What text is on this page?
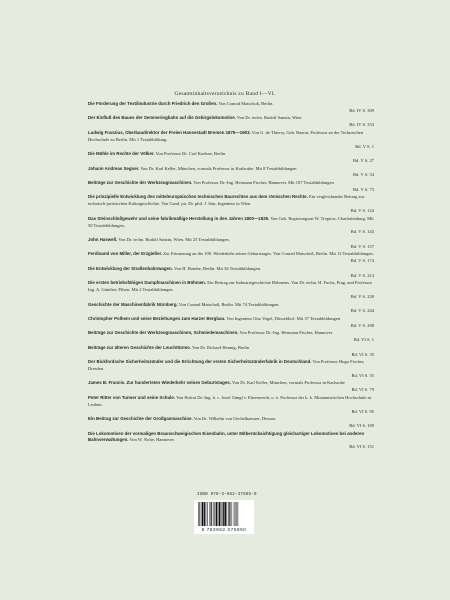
Gesamtinhaltsverzeichnis zu Band I—VI.
Die Förderung der Textilindustrie durch Friedrich den Großen. Von Conrad Matschoß, Berlin.
Bd. IV S. 309
Der Einfluß des Baues der Semmeringbahn auf die Gebirgslokomotive. Von Dr. techn. Rudolf Sanzin, Wien
Bd. IV S. 333
Ludwig Franzius, Oberbaudirektor der Freien Hansestadt Bremen 1875—1903. Von G. de Thierry, Geh. Baurat, Professor an der Technischen Hochschule zu Berlin. Mit 1 Textabbildung.
Bd. V S. 1
Die Mühle im Rechte der Völker. Von Professor Dr. Carl Koehne, Berlin
Bd. V S. 27
Johann Andreas Segner. Von Dr. Karl Keller, München, vormals Professor in Karlsruhe. Mit 8 Textabbildungen
Bd. V S. 54
Beiträge zur Geschichte der Werkzeugmaschinen. Von Professor Dr.-Ing. Hermann Fischer, Hannover. Mit 107 Textabbildungen
Bd. V S. 73
Die prinzipielle Entwicklung des mitteleuropäischen technischen Baurechtes aus dem römischen Rechte. Ein vergleichender Beitrag zur technisch-juristischen Kulturgeschichte. Von Cand. jur. Dr. phil. J. Stur, Ingenieur in Wien
Bd. V S. 124
Das Steinschloßgewehr und seine fabrikmäßige Herstellung in den Jahren 1800—1825. Von Geh. Regierungsrat W. Treptow, Charlottenburg. Mit 50 Textabbildungen.
Bd. V S. 143
John Haswell. Von Dr. techn. Rudolf Sanzin, Wien. Mit 25 Textabbildungen.
Bd. V S. 157
Ferdinand von Miller, der Erzgießer. Zur Erinnerung an die 100. Wiederkehr seines Geburtstages. Von Conrad Matschoß, Berlin. Mit 12 Textabbildungen.
Bd. V S. 174
Die Entwicklung der Straßenbahnwagen. Von H. Bombe, Berlin. Mit 36 Textabbildungen.
Bd. V S. 214
Die ersten betriebsfähigen Dampfmaschinen in Böhmen. Ein Beitrag zur Industriegeschichte Böhmens. Von Dr. techn. H. Fuchs, Prag, und Professor Ing. A. Günther, Pilsen. Mit 2 Textabbildungen
Bd. V S. 230
Geschichte der Maschinenfabrik Nürnberg. Von Conrad Matschoß, Berlin. Mit 74 Textabbildungen.
Bd. V S. 244
Christopher Polhem und seine Beziehungen zum Harzer Bergbau. Von Ingenieur Otto Vogel, Düsseldorf. Mit 37 Textabbildungen
Bd. V S. 298
Beiträge zur Geschichte der Werkzeugmaschinen, Schmiedemaschinen. Von Professor Dr.-Ing. Hermann Fischer, Hannover
Bd. VI S. 1
Beiträge zur älteren Geschichte der Leuchttürme. Von Dr. Richard Hennig, Berlin
Bd. VI S. 35
Der Bickfordsche Sicherheitszünder und die Errichtung der ersten Sicherheitszünderfabrik in Deutschland. Von Professor Hugo Fischer, Dresden.
Bd. VI S. 55
James B. Francis. Zur hundertsten Wiederkehr seines Geburtstages. Von Dr. Karl Keller, München, vormals Professor in Karlsruhe
Bd. VI S. 79
Peter Ritter von Tunner und seine Schule. Von Hofrat Dr.-Ing. h. c. Josef Gängl v. Ehrenwerth, o. ö. Professor der k. k. Montanistischen Hochschule in Leoben.
Bd. VI S. 95
Ein Beitrag zur Geschichte der Großgasmaschine. Von Dr. Wilhelm von Oechelhaeuser, Dessau.
Bd. VI S. 109
Die Lokomotiven der vormaligen Braunschweigischen Eisenbahn, unter Mitberücksichtigung gleichartiger Lokomotiven bei anderen Bahnverwaltungen. Von W. Nolte, Hannover.
Bd. VI S. 151
ISBN 978-3-662-37685-0
9 783662 376850
